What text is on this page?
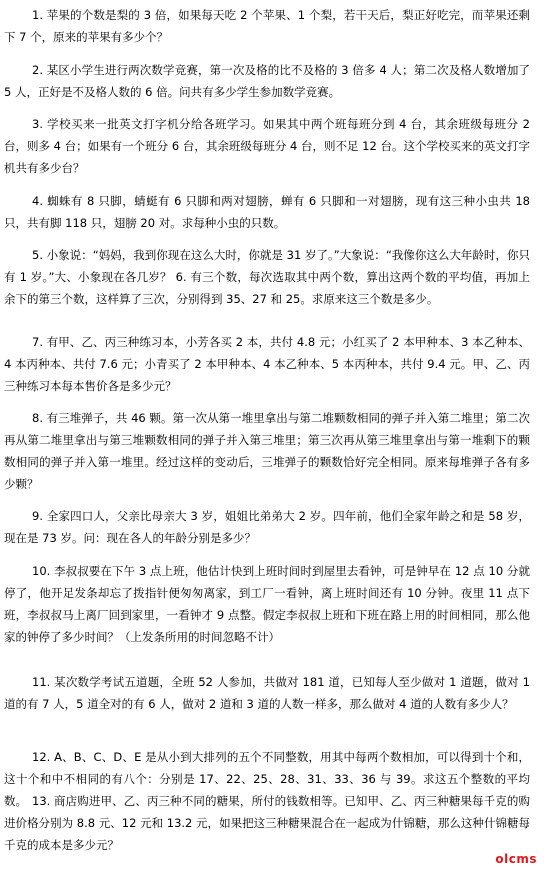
1. 苹果的个数是梨的 3 倍，如果每天吃 2 个苹果、1 个梨，若干天后，梨正好吃完，而苹果还剩下 7 个，原来的苹果有多少个？

2. 某区小学生进行两次数学竞赛，第一次及格的比不及格的 3 倍多 4 人；第二次及格人数增加了 5 人，正好是不及格人数的 6 倍。问共有多少学生参加数学竞赛。

3. 学校买来一批英文打字机分给各班学习。如果其中两个班每班分到 4 台，其余班级每班分 2 台，则多 4 台；如果有一个班分 6 台，其余班级每班分 4 台，则不足 12 台。这个学校买来的英文打字机共有多少台？

4. 蜘蛛有 8 只脚，蜻蜓有 6 只脚和两对翅膀，蝉有 6 只脚和一对翅膀，现有这三种小虫共 18 只，共有脚 118 只，翅膀 20 对。求每种小虫的只数。

5. 小象说：“妈妈，我到你现在这么大时，你就是 31 岁了。”大象说：“我像你这么大年龄时，你只有 1 岁。”大、小象现在各几岁？ 6. 有三个数，每次选取其中两个数，算出这两个数的平均值，再加上余下的第三个数，这样算了三次，分别得到 35、27 和 25。求原来这三个数是多少。

7. 有甲、乙、丙三种练习本，小芳各买 2 本，共付 4.8 元；小红买了 2 本甲种本、3 本乙种本、4 本丙种本、共付 7.6 元；小青买了 2 本甲种本、4 本乙种本、5 本丙种本，共付 9.4 元。甲、乙、丙三种练习本每本售价各是多少元？

8. 有三堆弹子，共 46 颗。第一次从第一堆里拿出与第二堆颗数相同的弹子并入第二堆里；第二次再从第二堆里拿出与第三堆颗数相同的弹子并入第三堆里；第三次再从第三堆里拿出与第一堆剩下的颗数相同的弹子并入第一堆里。经过这样的变动后，三堆弹子的颗数恰好完全相同。原来每堆弹子各有多少颗？

9. 全家四口人，父亲比母亲大 3 岁，姐姐比弟弟大 2 岁。四年前，他们全家年龄之和是 58 岁，现在是 73 岁。问：现在各人的年龄分别是多少？

10. 李叔叔要在下午 3 点上班，他估计快到上班时间时到屋里去看钟，可是钟早在 12 点 10 分就停了，他开足发条却忘了拨指针便匆匆离家，到工厂一看钟，离上班时间还有 10 分钟。夜里 11 点下班，李叔叔马上离厂回到家里，一看钟才 9 点整。假定李叔叔上班和下班在路上用的时间相同，那么他家的钟停了多少时间？（上发条所用的时间忽略不计）

11. 某次数学考试五道题，全班 52 人参加，共做对 181 道，已知每人至少做对 1 道题，做对 1 道的有 7 人，5 道全对的有 6 人，做对 2 道和 3 道的人数一样多，那么做对 4 道的人数有多少人？

12. A、B、C、D、E 是从小到大排列的五个不同整数，用其中每两个数相加，可以得到十个和，这十个和中不相同的有八个：分别是 17、22、25、28、31、33、36 与 39。求这五个整数的平均数。 13. 商店购进甲、乙、丙三种不同的糖果，所付的钱数相等。已知甲、乙、丙三种糖果每千克的购进价格分别为 8.8 元、12 元和 13.2 元，如果把这三种糖果混合在一起成为什锦糖，那么这种什锦糖每千克的成本是多少元？

olcms
